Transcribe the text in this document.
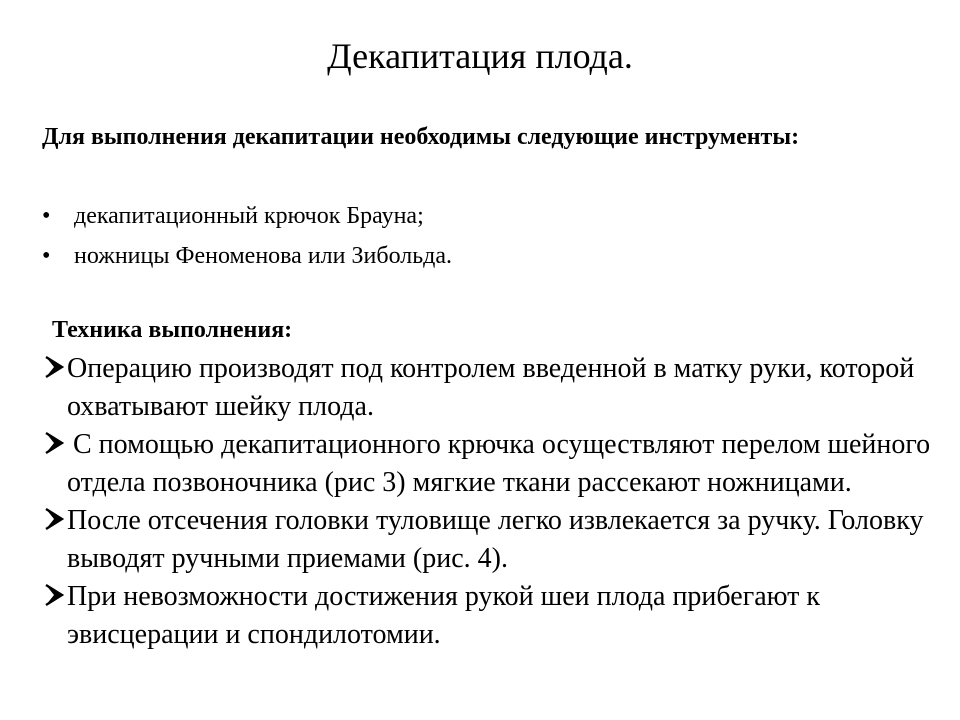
Декапитация плода.
Для выполнения декапитации необходимы следующие инструменты:
• декапитационный крючок Брауна;
• ножницы Феноменова или Зибольда.
Техника выполнения:
Операцию производят под контролем введенной в матку руки, которой охватывают шейку плода.
С помощью декапитационного крючка осуществляют перелом шейного отдела позвоночника (рис 3) мягкие ткани рассекают ножницами.
После отсечения головки туловище легко извлекается за ручку. Головку выводят ручными приемами (рис. 4).
При невозможности достижения рукой шеи плода прибегают к эвисцерации и спондилотомии.
